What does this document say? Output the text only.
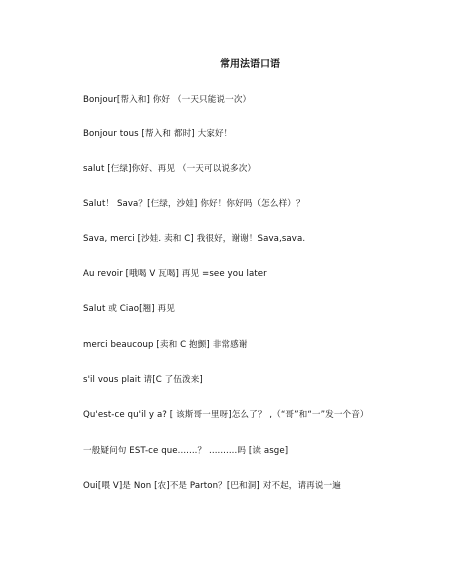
常用法语口语
Bonjour[帮入和] 你好 （一天只能说一次）
Bonjour tous [帮入和 都时] 大家好！
salut [仨绿]你好、再见 （一天可以说多次）
Salut！ Sava？[仨绿，沙娃] 你好！你好吗（怎么样）？
Sava, merci [沙娃. 卖和 C] 我很好，谢谢！Sava,sava.
Au revoir [哦喝 V 瓦喝] 再见 =see you later
Salut 或 Ciao[翘] 再见
merci beaucoup [卖和 C 抱颤] 非常感谢
s'il vous plait 请[C 了伍泼来]
Qu'est-ce qu'il y a? [ 该斯哥一里呀]怎么了？ ,（“哥”和“一”发一个音）
一般疑问句 EST-ce que.......？ ..........吗 [读 asge]
Oui[喂 V]是 Non [农]不是 Parton？[巴和洞] 对不起，请再说一遍
